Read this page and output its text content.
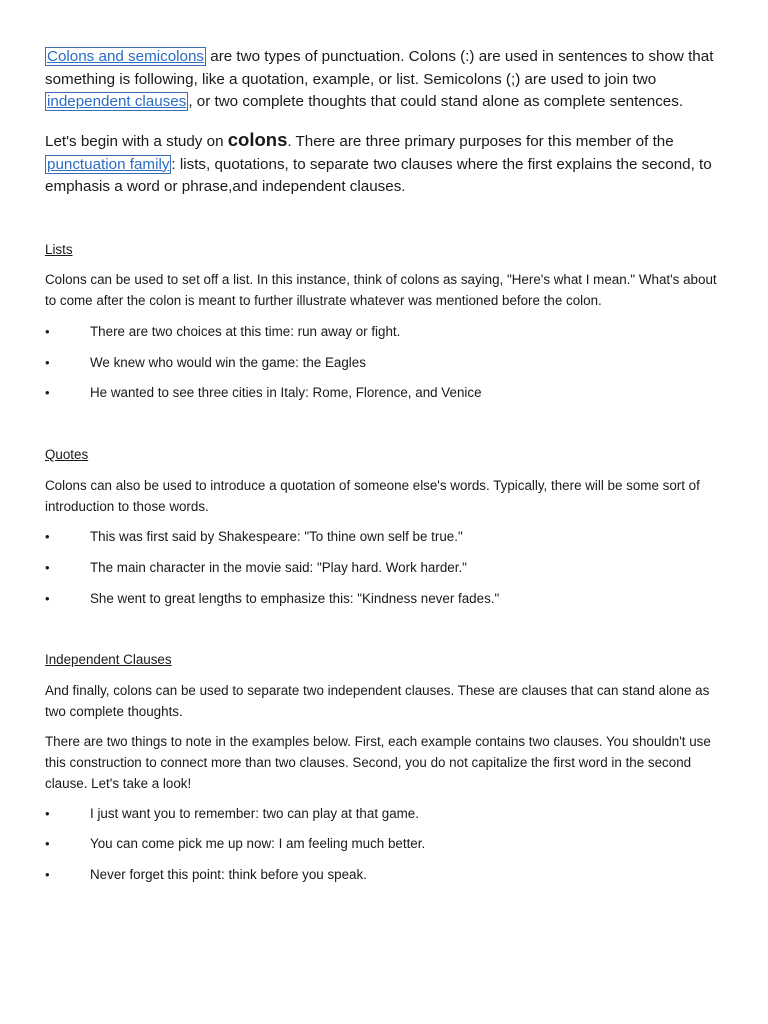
Colons and semicolons are two types of punctuation. Colons (:) are used in sentences to show that something is following, like a quotation, example, or list. Semicolons (;) are used to join two independent clauses , or two complete thoughts that could stand alone as complete sentences.

Let's begin with a study on colons. There are three primary purposes for this member of the punctuation family : lists, quotations, to separate two clauses where the first explains the second, to emphasis a word or phrase,and independent clauses.

Lists

Colons can be used to set off a list. In this instance, think of colons as saying, "Here's what I mean." What's about to come after the colon is meant to further illustrate whatever was mentioned before the colon.

•	There are two choices at this time: run away or fight.
•	We knew who would win the game: the Eagles
•	He wanted to see three cities in Italy: Rome, Florence, and Venice
Quotes

Colons can also be used to introduce a quotation of someone else's words. Typically, there will be some sort of introduction to those words.

•	This was first said by Shakespeare: "To thine own self be true."
•	The main character in the movie said: "Play hard. Work harder."
•	She went to great lengths to emphasize this: "Kindness never fades."
Independent Clauses

And finally, colons can be used to separate two independent clauses. These are clauses that can stand alone as two complete thoughts.

There are two things to note in the examples below. First, each example contains two clauses. You shouldn't use this construction to connect more than two clauses. Second, you do not capitalize the first word in the second clause. Let's take a look!

•	I just want you to remember: two can play at that game.
•	You can come pick me up now: I am feeling much better.
•	Never forget this point: think before you speak.
